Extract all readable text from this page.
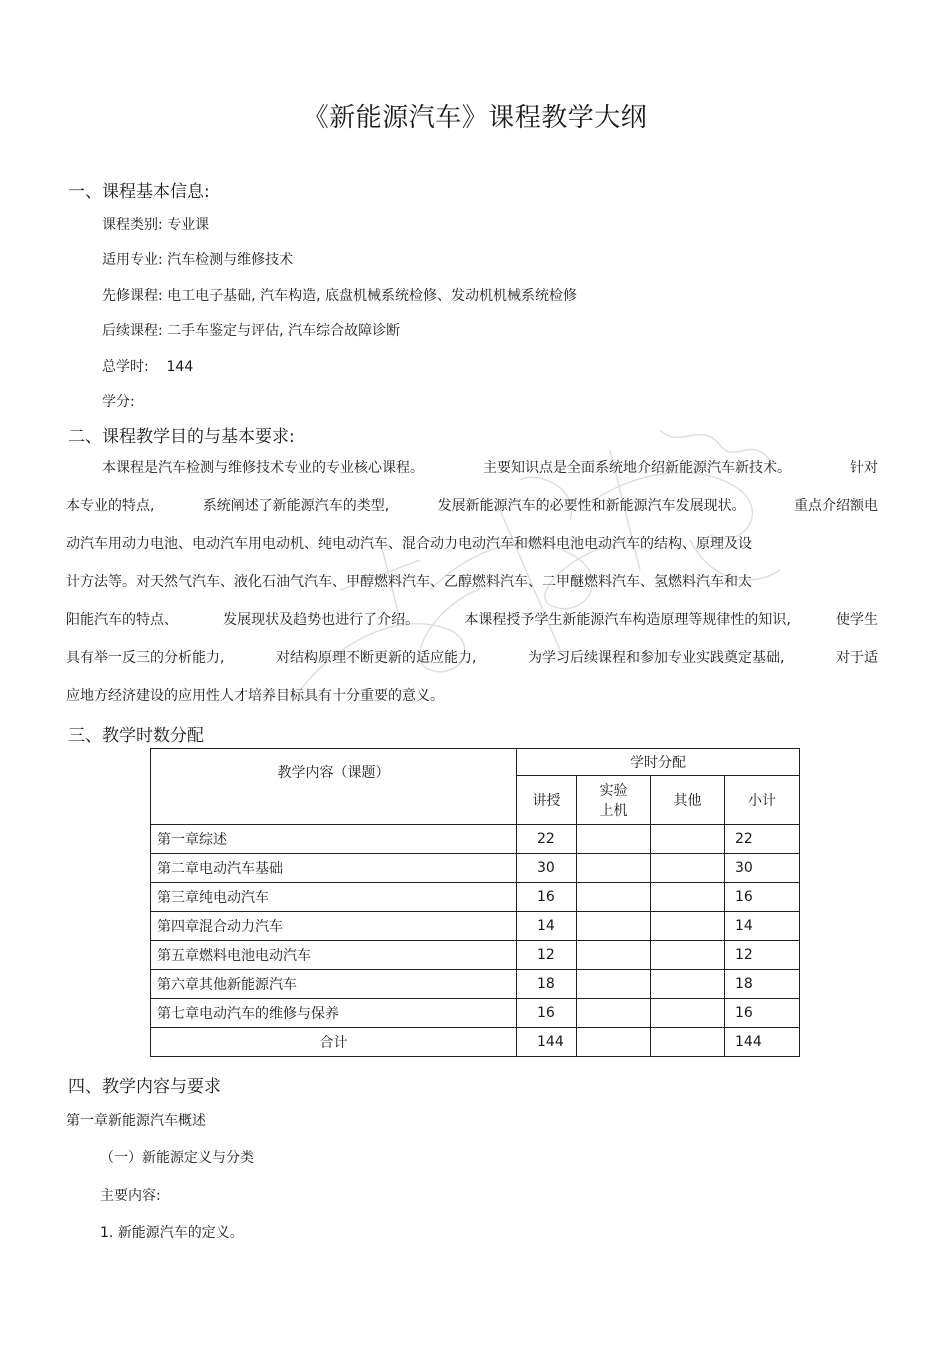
《新能源汽车》课程教学大纲
一、课程基本信息:
课程类别: 专业课
适用专业: 汽车检测与维修技术
先修课程: 电工电子基础, 汽车构造, 底盘机械系统检修、发动机机械系统检修
后续课程: 二手车鉴定与评估, 汽车综合故障诊断
总学时:    144
学分:
二、课程教学目的与基本要求:
本课程是汽车检测与维修技术专业的专业核心课程。	主要知识点是全面系统地介绍新能源汽车新技术。	针对
本专业的特点,	系统阐述了新能源汽车的类型,	发展新能源汽车的必要性和新能源汽车发展现状。	重点介绍额电
动汽车用动力电池、电动汽车用电动机、纯电动汽车、混合动力电动汽车和燃料电池电动汽车的结构、原理及设
计方法等。对天然气汽车、液化石油气汽车、甲醇燃料汽车、乙醇燃料汽车、二甲醚燃料汽车、氢燃料汽车和太
阳能汽车的特点、	发展现状及趋势也进行了介绍。	本课程授予学生新能源汽车构造原理等规律性的知识,	使学生
具有举一反三的分析能力,	对结构原理不断更新的适应能力,	为学习后续课程和参加专业实践奠定基础,	对于适
应地方经济建设的应用性人才培养目标具有十分重要的意义。
三、教学时数分配
教学内容（课题）	学时分配			
	讲授	实验
上机	其他	小计
第一章综述	22			22
第二章电动汽车基础	30			30
第三章纯电动汽车	16			16
第四章混合动力汽车	14			14
第五章燃料电池电动汽车	12			12
第六章其他新能源汽车	18			18
第七章电动汽车的维修与保养	16			16
合计	144			144
四、教学内容与要求
第一章新能源汽车概述
（一）新能源定义与分类
主要内容:
1. 新能源汽车的定义。
